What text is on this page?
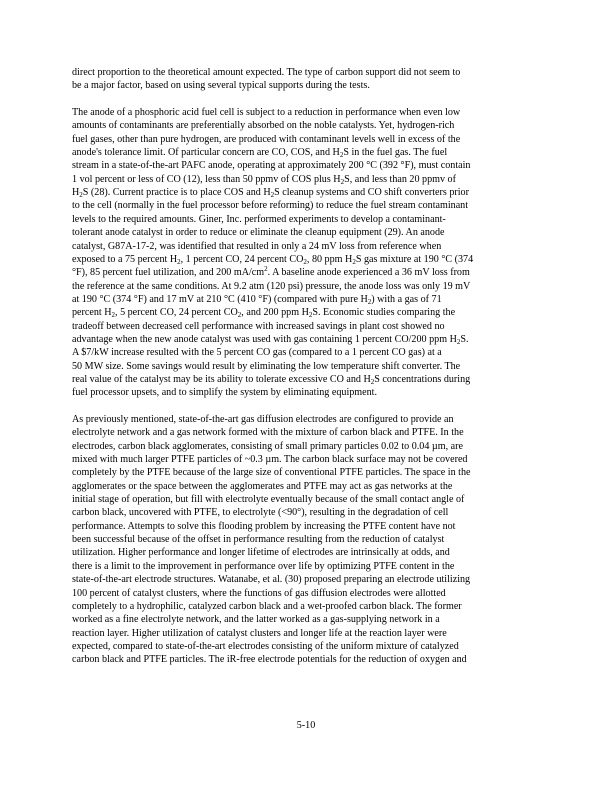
direct proportion to the theoretical amount expected. The type of carbon support did not seem to
be a major factor, based on using several typical supports during the tests.

The anode of a phosphoric acid fuel cell is subject to a reduction in performance when even low
amounts of contaminants are preferentially absorbed on the noble catalysts. Yet, hydrogen-rich
fuel gases, other than pure hydrogen, are produced with contaminant levels well in excess of the
anode's tolerance limit. Of particular concern are CO, COS, and $H_2S$ in the fuel gas. The fuel
stream in a state-of-the-art PAFC anode, operating at approximately 200 °C (392 °F), must contain
1 vol percent or less of CO (12), less than 50 ppmv of COS plus $H_2S$, and less than 20 ppmv of
$H_2S$ (28). Current practice is to place COS and $H_2S$ cleanup systems and CO shift converters prior
to the cell (normally in the fuel processor before reforming) to reduce the fuel stream contaminant
levels to the required amounts. Giner, Inc. performed experiments to develop a contaminant-
tolerant anode catalyst in order to reduce or eliminate the cleanup equipment (29). An anode
catalyst, G87A-17-2, was identified that resulted in only a 24 mV loss from reference when
exposed to a 75 percent $H_2$, 1 percent CO, 24 percent $CO_2$, 80 ppm $H_2S$ gas mixture at 190 °C (374
°F), 85 percent fuel utilization, and 200 $mA/cm^2$. A baseline anode experienced a 36 mV loss from
the reference at the same conditions. At 9.2 atm (120 psi) pressure, the anode loss was only 19 mV
at 190 °C (374 °F) and 17 mV at 210 °C (410 °F) (compared with pure $H_2$) with a gas of 71
percent $H_2$, 5 percent CO, 24 percent $CO_2$, and 200 ppm $H_2S$. Economic studies comparing the
tradeoff between decreased cell performance with increased savings in plant cost showed no
advantage when the new anode catalyst was used with gas containing 1 percent CO/200 ppm $H_2S$.
A $7/kW increase resulted with the 5 percent CO gas (compared to a 1 percent CO gas) at a
50 MW size. Some savings would result by eliminating the low temperature shift converter. The
real value of the catalyst may be its ability to tolerate excessive CO and $H_2S$ concentrations during
fuel processor upsets, and to simplify the system by eliminating equipment.

As previously mentioned, state-of-the-art gas diffusion electrodes are configured to provide an
electrolyte network and a gas network formed with the mixture of carbon black and PTFE. In the
electrodes, carbon black agglomerates, consisting of small primary particles 0.02 to 0.04 µm, are
mixed with much larger PTFE particles of ~0.3 µm. The carbon black surface may not be covered
completely by the PTFE because of the large size of conventional PTFE particles. The space in the
agglomerates or the space between the agglomerates and PTFE may act as gas networks at the
initial stage of operation, but fill with electrolyte eventually because of the small contact angle of
carbon black, uncovered with PTFE, to electrolyte (<90°), resulting in the degradation of cell
performance. Attempts to solve this flooding problem by increasing the PTFE content have not
been successful because of the offset in performance resulting from the reduction of catalyst
utilization. Higher performance and longer lifetime of electrodes are intrinsically at odds, and
there is a limit to the improvement in performance over life by optimizing PTFE content in the
state-of-the-art electrode structures. Watanabe, et al. (30) proposed preparing an electrode utilizing
100 percent of catalyst clusters, where the functions of gas diffusion electrodes were allotted
completely to a hydrophilic, catalyzed carbon black and a wet-proofed carbon black. The former
worked as a fine electrolyte network, and the latter worked as a gas-supplying network in a
reaction layer. Higher utilization of catalyst clusters and longer life at the reaction layer were
expected, compared to state-of-the-art electrodes consisting of the uniform mixture of catalyzed
carbon black and PTFE particles. The iR-free electrode potentials for the reduction of oxygen and

5-10
